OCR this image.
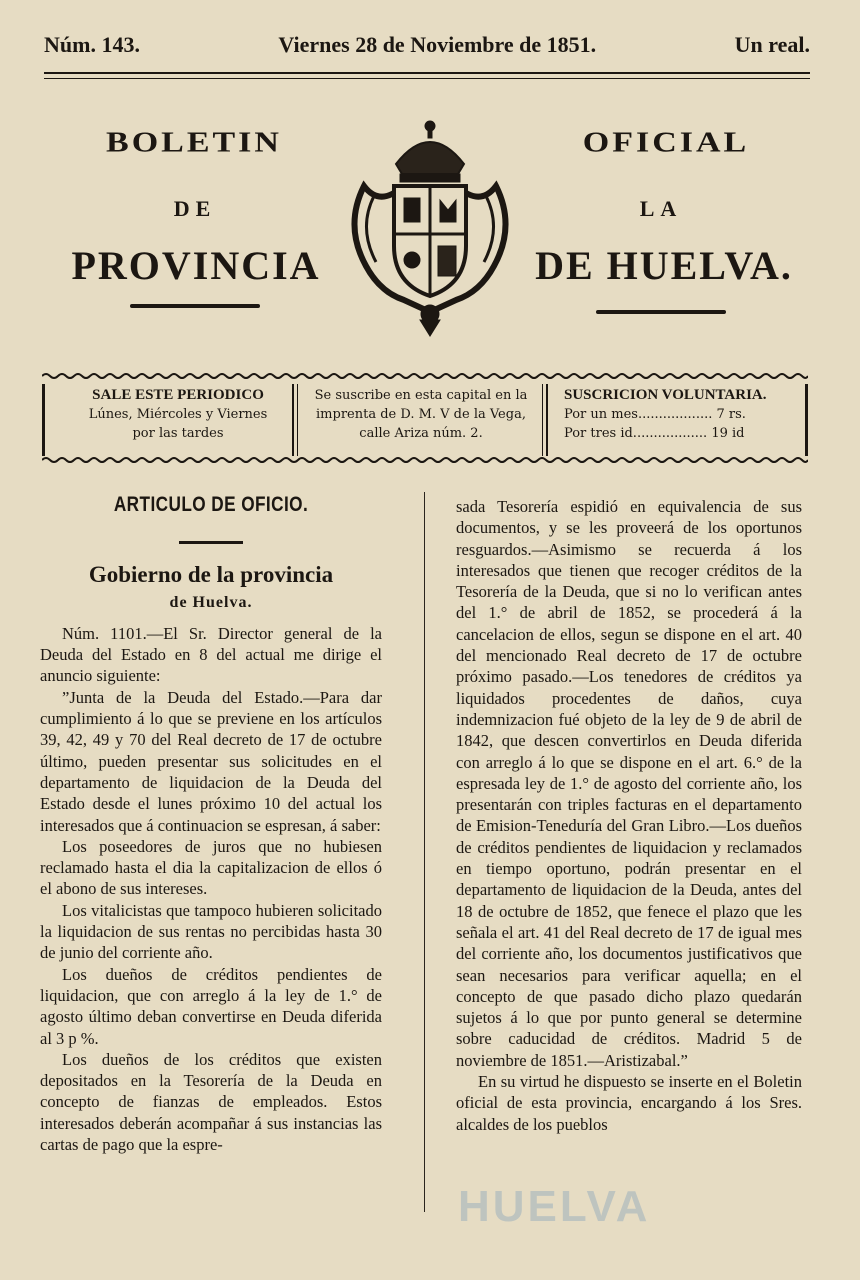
Núm. 143.	Viernes 28 de Noviembre de 1851.	Un real.
BOLETIN	OFICIAL
DE	LA
PROVINCIA	DE HUELVA.
SALE ESTE PERIODICO
Lúnes, Miércoles y Viernes
por las tardes
Se suscribe en esta capital en la
imprenta de D. M. V de la Vega,
calle Ariza núm. 2.
SUSCRICION VOLUNTARIA.
Por un mes.................. 7 rs.
Por tres id.................. 19 id
ARTICULO DE OFICIO.
Gobierno de la provincia
de Huelva.

Núm. 1101.—El Sr. Director general de la Deuda del Estado en 8 del actual me dirige el anuncio siguiente:

”Junta de la Deuda del Estado.—Para dar cumplimiento á lo que se previene en los artículos 39, 42, 49 y 70 del Real decreto de 17 de octubre último, pueden presentar sus solicitudes en el departamento de liquidacion de la Deuda del Estado desde el lunes próximo 10 del actual los interesados que á continuacion se espresan, á saber:

Los poseedores de juros que no hubiesen reclamado hasta el dia la capitalizacion de ellos ó el abono de sus intereses.

Los vitalicistas que tampoco hubieren solicitado la liquidacion de sus rentas no percibidas hasta 30 de junio del corriente año.

Los dueños de créditos pendientes de liquidacion, que con arreglo á la ley de 1.° de agosto último deban convertirse en Deuda diferida al 3 p %.

Los dueños de los créditos que existen depositados en la Tesorería de la Deuda en concepto de fianzas de empleados. Estos interesados deberán acompañar á sus instancias las cartas de pago que la espre-

sada Tesorería espidió en equivalencia de sus documentos, y se les proveerá de los oportunos resguardos.—Asimismo se recuerda á los interesados que tienen que recoger créditos de la Tesorería de la Deuda, que si no lo verifican antes del 1.° de abril de 1852, se procederá á la cancelacion de ellos, segun se dispone en el art. 40 del mencionado Real decreto de 17 de octubre próximo pasado.—Los tenedores de créditos ya liquidados procedentes de daños, cuya indemnizacion fué objeto de la ley de 9 de abril de 1842, que descen convertirlos en Deuda diferida con arreglo á lo que se dispone en el art. 6.° de la espresada ley de 1.° de agosto del corriente año, los presentarán con triples facturas en el departamento de Emision-Teneduría del Gran Libro.—Los dueños de créditos pendientes de liquidacion y reclamados en tiempo oportuno, podrán presentar en el departamento de liquidacion de la Deuda, antes del 18 de octubre de 1852, que fenece el plazo que les señala el art. 41 del Real decreto de 17 de igual mes del corriente año, los documentos justificativos que sean necesarios para verificar aquella; en el concepto de que pasado dicho plazo quedarán sujetos á lo que por punto general se determine sobre caducidad de créditos. Madrid 5 de noviembre de 1851.—Aristizabal.”

En su virtud he dispuesto se inserte en el Boletin oficial de esta provincia, encargando á los Sres. alcaldes de los pueblos

HUELVA
